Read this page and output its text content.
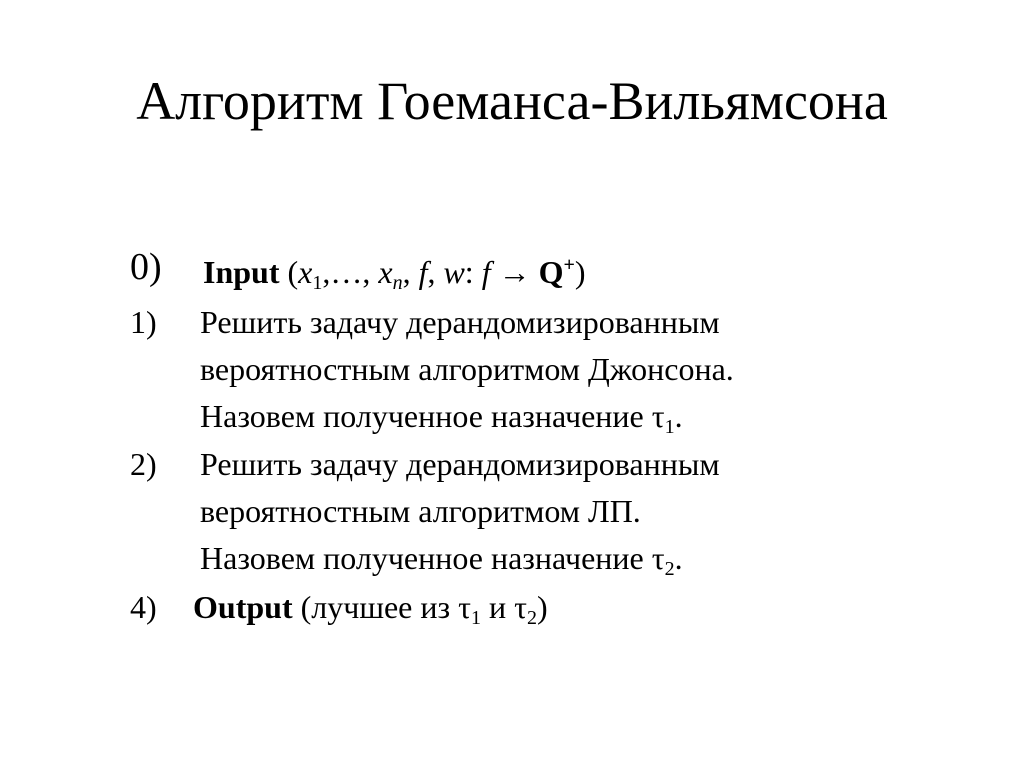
Алгоритм Гоеманса-Вильямсона
0) Input ($x_1,\dots$, $x_n$, f, w: f → Q+)
1) Решить задачу дерандомизированным
вероятностным алгоритмом Джонсона.
Назовем полученное назначение $\tau_1$.
2) Решить задачу дерандомизированным
вероятностным алгоритмом ЛП.
Назовем полученное назначение $\tau_2$.
4) Output (лучшее из $\tau_1$ и $\tau_2$)
